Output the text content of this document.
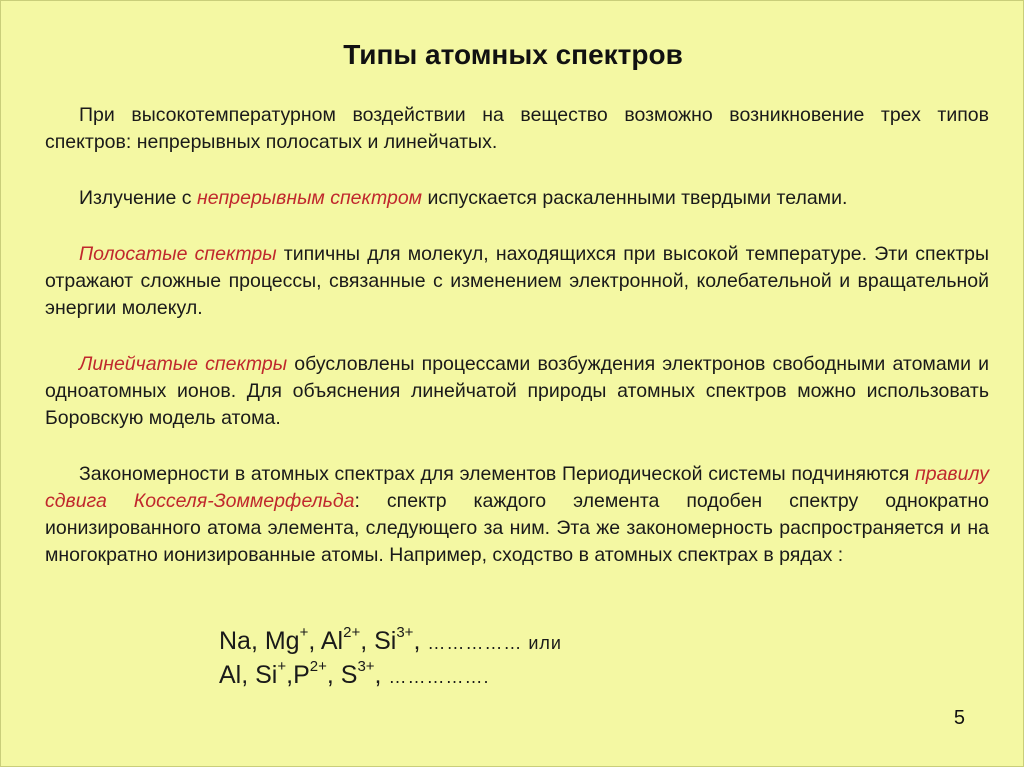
Типы атомных спектров

При высокотемпературном воздействии на вещество возможно возникновение трех типов спектров: непрерывных полосатых и линейчатых.

Излучение с непрерывным спектром испускается раскаленными твердыми телами.

Полосатые спектры типичны для молекул, находящихся при высокой температуре. Эти спектры отражают сложные процессы, связанные с изменением электронной, колебательной и вращательной энергии молекул.

Линейчатые спектры обусловлены процессами возбуждения электронов свободными атомами и одноатомных ионов. Для объяснения линейчатой природы атомных спектров можно использовать Боровскую модель атома.

Закономерности в атомных спектрах для элементов Периодической системы подчиняются правилу сдвига Косселя-Зоммерфельда: спектр каждого элемента подобен спектру однократно ионизированного атома элемента, следующего за ним. Эта же закономерность распространяется и на многократно ионизированные атомы. Например, сходство в атомных спектрах в рядах :

Na, Mg+, $Al^{2+}$, $Si^{3+}$, …………… или

Al, $Si^+,P^{2+}$, $S^{3+}$, …………….

5
